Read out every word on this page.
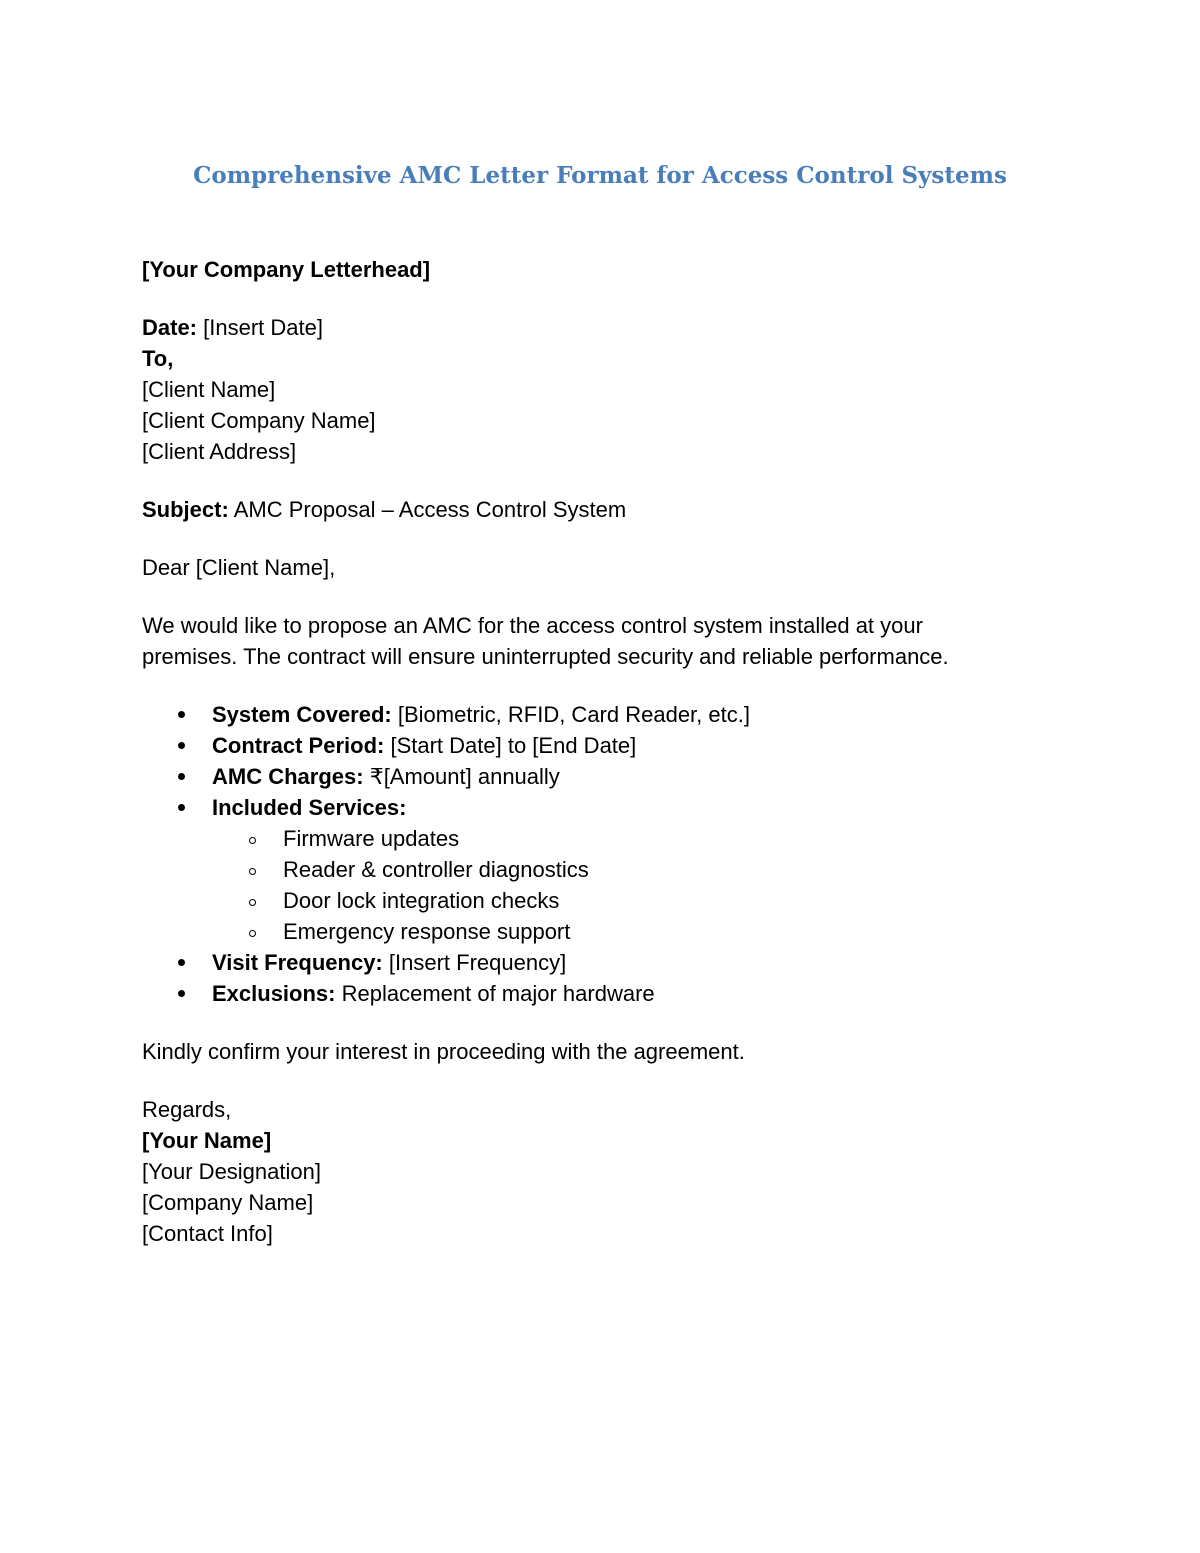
Comprehensive AMC Letter Format for Access Control Systems
[Your Company Letterhead]
Date: [Insert Date]
To,
[Client Name]
[Client Company Name]
[Client Address]
Subject: AMC Proposal – Access Control System
Dear [Client Name],
We would like to propose an AMC for the access control system installed at your
premises. The contract will ensure uninterrupted security and reliable performance.
System Covered: [Biometric, RFID, Card Reader, etc.]
Contract Period: [Start Date] to [End Date]
AMC Charges: ₹[Amount] annually
Included Services:
Firmware updates
Reader & controller diagnostics
Door lock integration checks
Emergency response support
Visit Frequency: [Insert Frequency]
Exclusions: Replacement of major hardware
Kindly confirm your interest in proceeding with the agreement.
Regards,
[Your Name]
[Your Designation]
[Company Name]
[Contact Info]
